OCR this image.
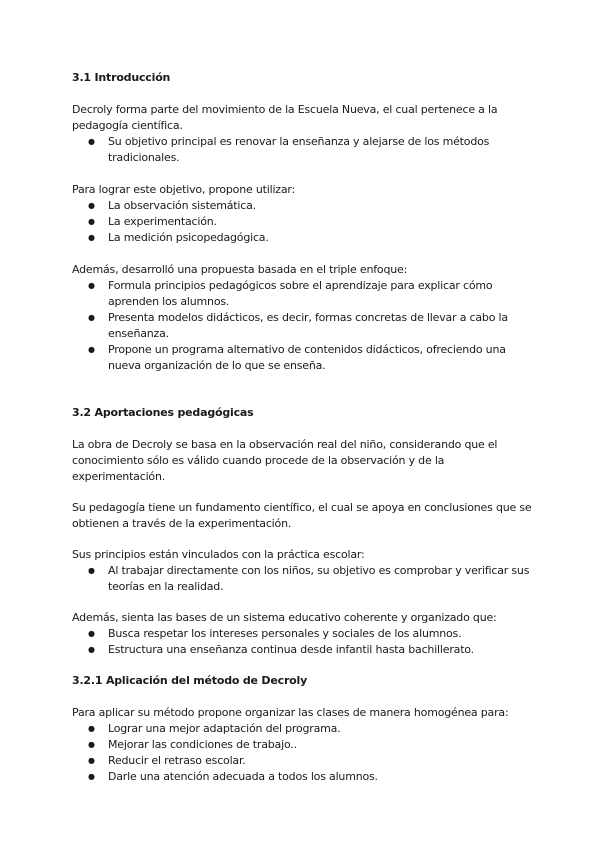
3.1 Introducción

Decroly forma parte del movimiento de la Escuela Nueva, el cual pertenece a la pedagogía científica.

● Su objetivo principal es renovar la enseñanza y alejarse de los métodos tradicionales.

Para lograr este objetivo, propone utilizar:

● La observación sistemática.
● La experimentación.
● La medición psicopedagógica.

Además, desarrolló una propuesta basada en el triple enfoque:

● Formula principios pedagógicos sobre el aprendizaje para explicar cómo aprenden los alumnos.
● Presenta modelos didácticos, es decir, formas concretas de llevar a cabo la enseñanza.
● Propone un programa alternativo de contenidos didácticos, ofreciendo una nueva organización de lo que se enseña.
3.2 Aportaciones pedagógicas

La obra de Decroly se basa en la observación real del niño, considerando que el conocimiento sólo es válido cuando procede de la observación y de la experimentación.

Su pedagogía tiene un fundamento científico, el cual se apoya en conclusiones que se obtienen a través de la experimentación.

Sus principios están vinculados con la práctica escolar:

● Al trabajar directamente con los niños, su objetivo es comprobar y verificar sus teorías en la realidad.

Además, sienta las bases de un sistema educativo coherente y organizado que:

● Busca respetar los intereses personales y sociales de los alumnos.
● Estructura una enseñanza continua desde infantil hasta bachillerato.
3.2.1 Aplicación del método de Decroly

Para aplicar su método propone organizar las clases de manera homogénea para:

● Lograr una mejor adaptación del programa.
● Mejorar las condiciones de trabajo..
● Reducir el retraso escolar.
● Darle una atención adecuada a todos los alumnos.
